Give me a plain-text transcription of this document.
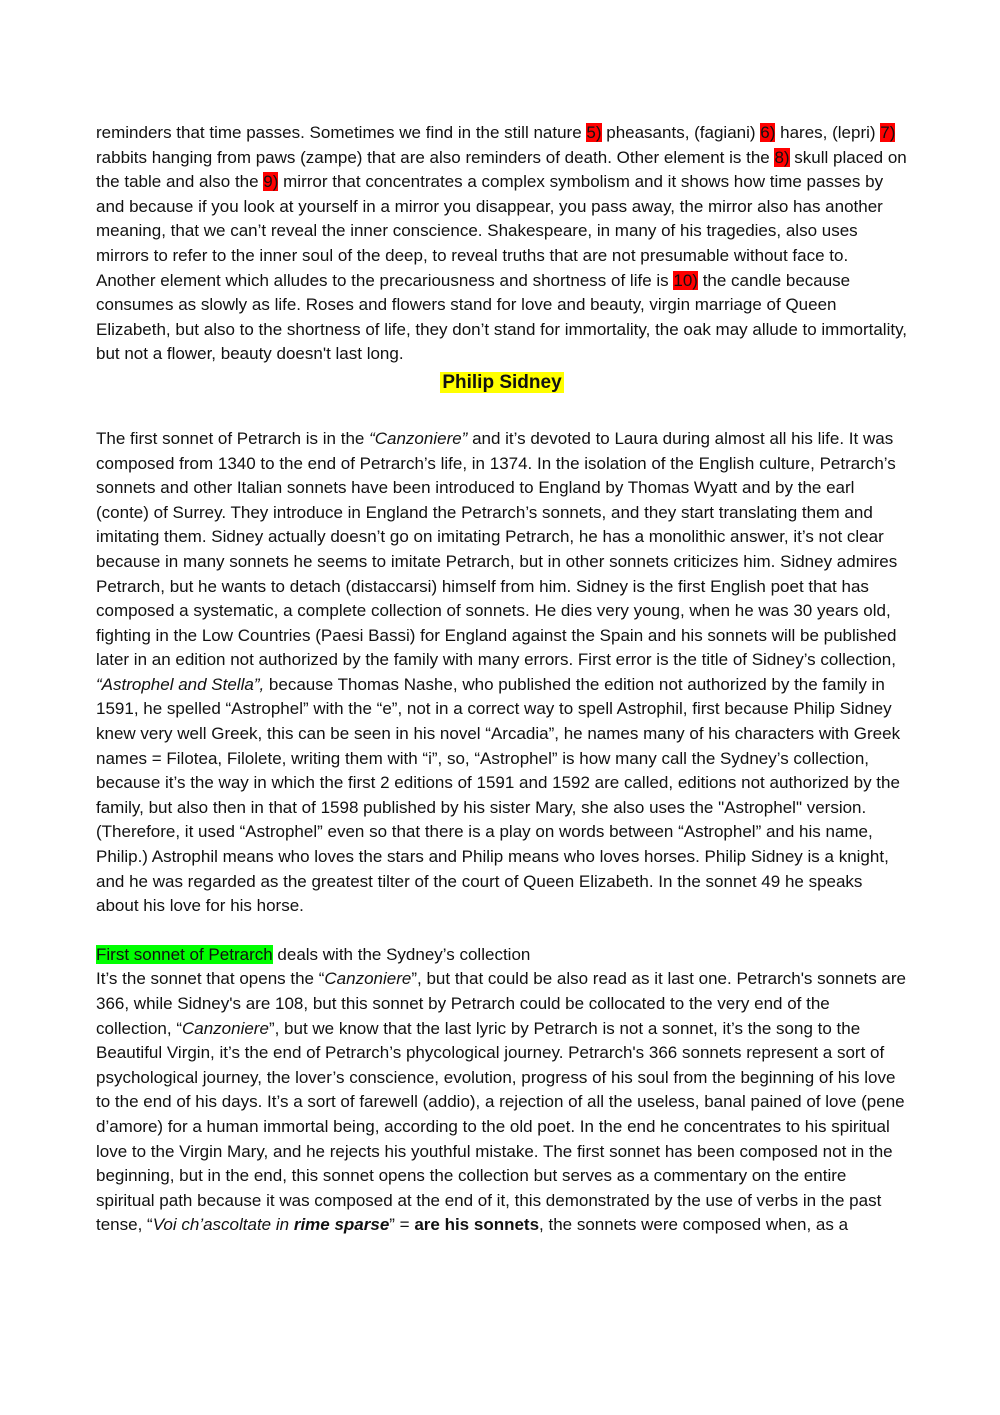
reminders that time passes. Sometimes we find in the still nature 5) pheasants, (fagiani) 6) hares, (lepri) 7) rabbits hanging from paws (zampe) that are also reminders of death. Other element is the 8) skull placed on the table and also the 9) mirror that concentrates a complex symbolism and it shows how time passes by and because if you look at yourself in a mirror you disappear, you pass away, the mirror also has another meaning, that we can’t reveal the inner conscience. Shakespeare, in many of his tragedies, also uses mirrors to refer to the inner soul of the deep, to reveal truths that are not presumable without face to. Another element which alludes to the precariousness and shortness of life is 10) the candle because consumes as slowly as life. Roses and flowers stand for love and beauty, virgin marriage of Queen Elizabeth, but also to the shortness of life, they don’t stand for immortality, the oak may allude to immortality, but not a flower, beauty doesn't last long.

Philip Sidney

The first sonnet of Petrarch is in the “Canzoniere” and it’s devoted to Laura during almost all his life. It was composed from 1340 to the end of Petrarch’s life, in 1374. In the isolation of the English culture, Petrarch’s sonnets and other Italian sonnets have been introduced to England by Thomas Wyatt and by the earl (conte) of Surrey. They introduce in England the Petrarch’s sonnets, and they start translating them and imitating them. Sidney actually doesn’t go on imitating Petrarch, he has a monolithic answer, it’s not clear because in many sonnets he seems to imitate Petrarch, but in other sonnets criticizes him. Sidney admires Petrarch, but he wants to detach (distaccarsi) himself from him. Sidney is the first English poet that has composed a systematic, a complete collection of sonnets. He dies very young, when he was 30 years old, fighting in the Low Countries (Paesi Bassi) for England against the Spain and his sonnets will be published later in an edition not authorized by the family with many errors. First error is the title of Sidney’s collection, “Astrophel and Stella”, because Thomas Nashe, who published the edition not authorized by the family in 1591, he spelled “Astrophel” with the “e”, not in a correct way to spell Astrophil, first because Philip Sidney knew very well Greek, this can be seen in his novel “Arcadia”, he names many of his characters with Greek names = Filotea, Filolete, writing them with “i”, so, “Astrophel” is how many call the Sydney’s collection, because it’s the way in which the first 2 editions of 1591 and 1592 are called, editions not authorized by the family, but also then in that of 1598 published by his sister Mary, she also uses the "Astrophel" version. (Therefore, it used “Astrophel” even so that there is a play on words between “Astrophel” and his name, Philip.) Astrophil means who loves the stars and Philip means who loves horses. Philip Sidney is a knight, and he was regarded as the greatest tilter of the court of Queen Elizabeth. In the sonnet 49 he speaks about his love for his horse.

First sonnet of Petrarch deals with the Sydney’s collection

It’s the sonnet that opens the “Canzoniere”, but that could be also read as it last one. Petrarch's sonnets are 366, while Sidney's are 108, but this sonnet by Petrarch could be collocated to the very end of the collection, “Canzoniere”, but we know that the last lyric by Petrarch is not a sonnet, it’s the song to the Beautiful Virgin, it’s the end of Petrarch’s phycological journey. Petrarch's 366 sonnets represent a sort of psychological journey, the lover’s conscience, evolution, progress of his soul from the beginning of his love to the end of his days. It’s a sort of farewell (addio), a rejection of all the useless, banal pained of love (pene d’amore) for a human immortal being, according to the old poet. In the end he concentrates to his spiritual love to the Virgin Mary, and he rejects his youthful mistake. The first sonnet has been composed not in the beginning, but in the end, this sonnet opens the collection but serves as a commentary on the entire spiritual path because it was composed at the end of it, this demonstrated by the use of verbs in the past tense, “Voi ch’ascoltate in rime sparse” = are his sonnets, the sonnets were composed when, as a
